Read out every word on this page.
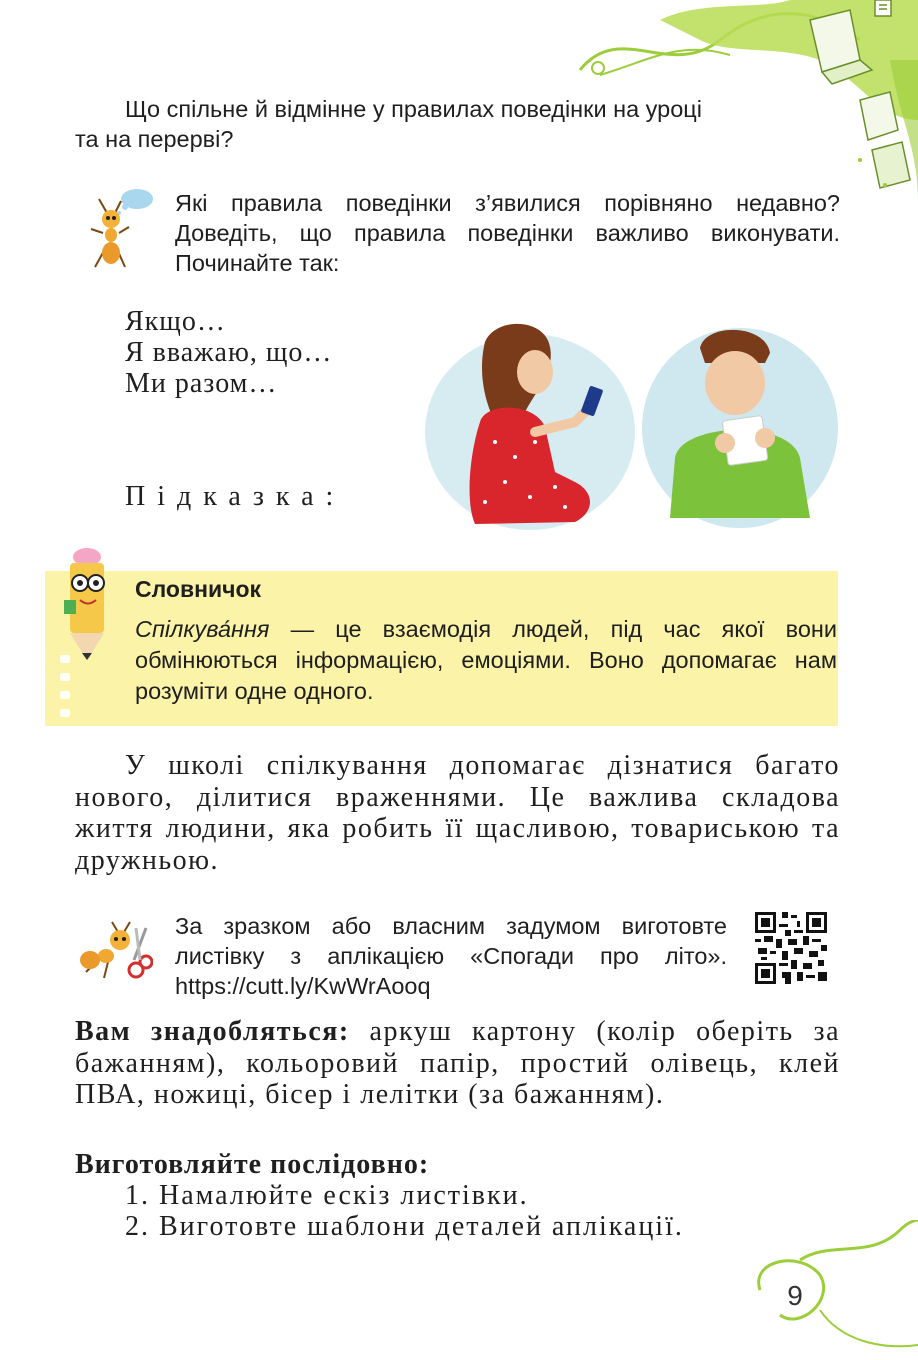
Що спільне й відмінне у правилах поведінки на уроці
та на перерві?
Які правила поведінки з’явилися порівняно недавно? Доведіть, що правила поведінки важливо виконувати. Починайте так:
Якщо…
Я вважаю, що…
Ми разом…
Підказка:
Словничок
Спілкува́ння — це взаємодія людей, під час якої вони обмінюються інформацією, емоціями. Воно допомагає нам розуміти одне одного.

У школі спілкування допомагає дізнатися багато нового, ділитися враженнями. Це важлива складова життя людини, яка робить її щасливою, товариською та дружньою.

За зразком або власним задумом виготовте листівку з аплікацією «Спогади про літо». https://cutt.ly/KwWrAooq
Вам знадобляться: аркуш картону (колір оберіть за бажанням), кольоровий папір, простий олівець, клей ПВА, ножиці, бісер і лелітки (за бажанням).
Виготовляйте послідовно:
1. Намалюйте ескіз листівки.
2. Виготовте шаблони деталей аплікації.
9
